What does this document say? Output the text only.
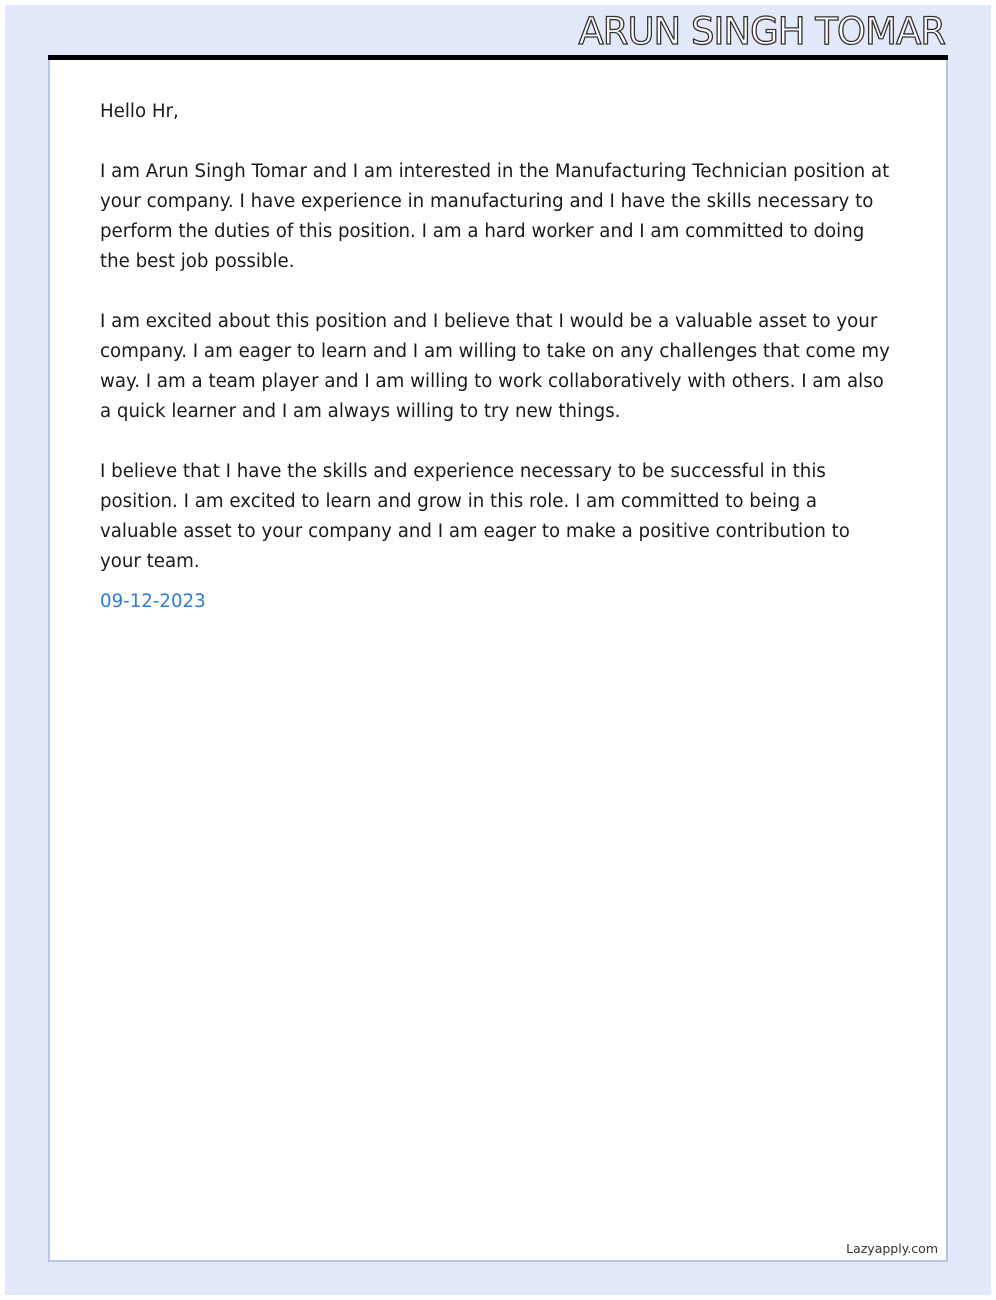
ARUN SINGH TOMAR

Hello Hr,

I am Arun Singh Tomar and I am interested in the Manufacturing Technician position at your company. I have experience in manufacturing and I have the skills necessary to perform the duties of this position. I am a hard worker and I am committed to doing the best job possible.

I am excited about this position and I believe that I would be a valuable asset to your company. I am eager to learn and I am willing to take on any challenges that come my way. I am a team player and I am willing to work collaboratively with others. I am also a quick learner and I am always willing to try new things.

I believe that I have the skills and experience necessary to be successful in this position. I am excited to learn and grow in this role. I am committed to being a valuable asset to your company and I am eager to make a positive contribution to your team.

09-12-2023
Lazyapply.com
